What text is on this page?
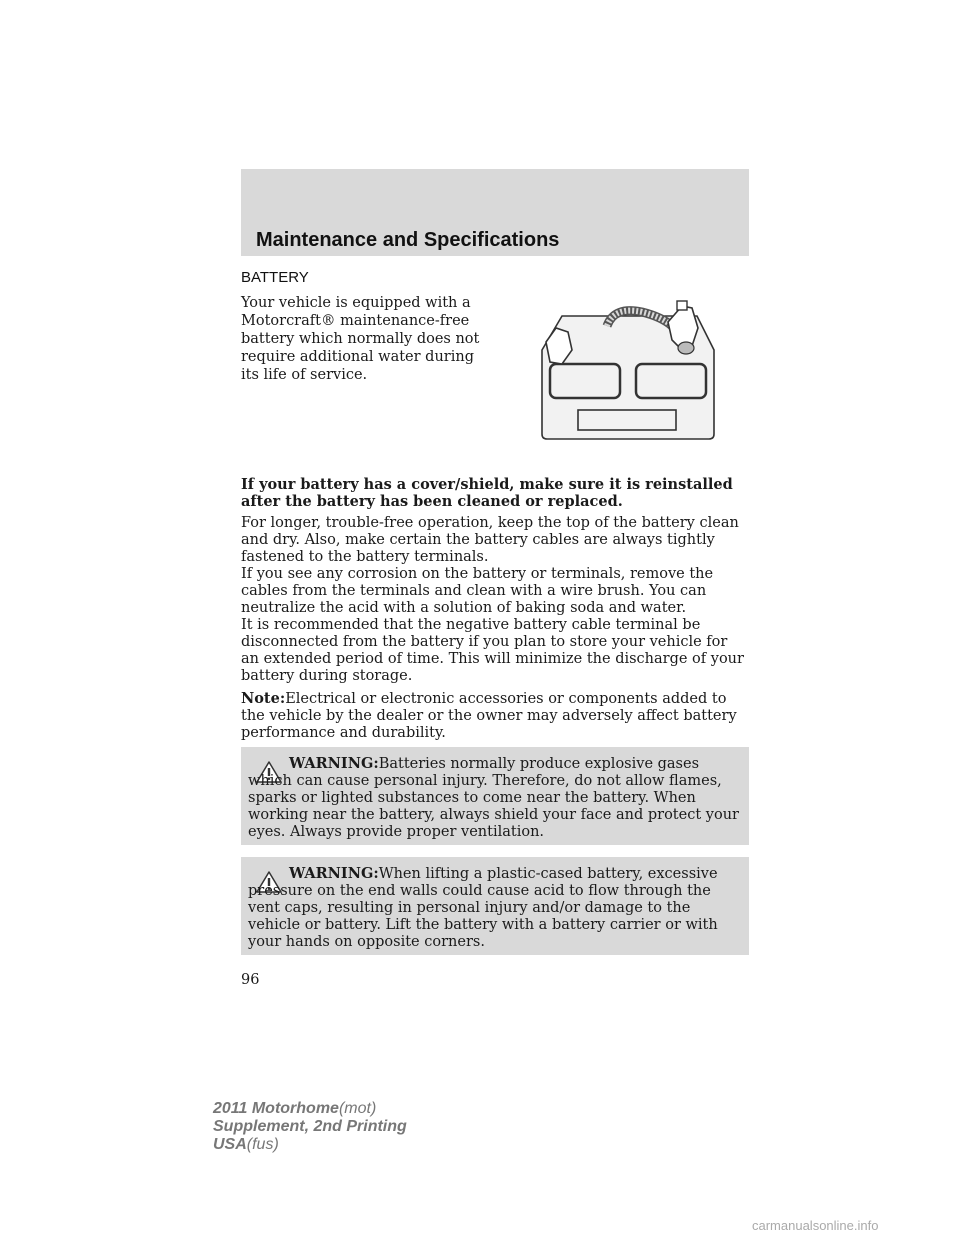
Maintenance and Specifications
BATTERY

Your vehicle is equipped with a Motorcraft® maintenance-free battery which normally does not require additional water during its life of service.

If your battery has a cover/shield, make sure it is reinstalled after the battery has been cleaned or replaced.

For longer, trouble-free operation, keep the top of the battery clean and dry. Also, make certain the battery cables are always tightly fastened to the battery terminals.

If you see any corrosion on the battery or terminals, remove the cables from the terminals and clean with a wire brush. You can neutralize the acid with a solution of baking soda and water.

It is recommended that the negative battery cable terminal be disconnected from the battery if you plan to store your vehicle for an extended period of time. This will minimize the discharge of your battery during storage.

Note:Electrical or electronic accessories or components added to the vehicle by the dealer or the owner may adversely affect battery performance and durability.

WARNING:Batteries normally produce explosive gases which can cause personal injury. Therefore, do not allow flames, sparks or lighted substances to come near the battery. When working near the battery, always shield your face and protect your eyes. Always provide proper ventilation.

WARNING:When lifting a plastic-cased battery, excessive pressure on the end walls could cause acid to flow through the vent caps, resulting in personal injury and/or damage to the vehicle or battery. Lift the battery with a battery carrier or with your hands on opposite corners.

96
2011 Motorhome(mot)
Supplement, 2nd Printing
USA(fus)
carmanualsonline.info
